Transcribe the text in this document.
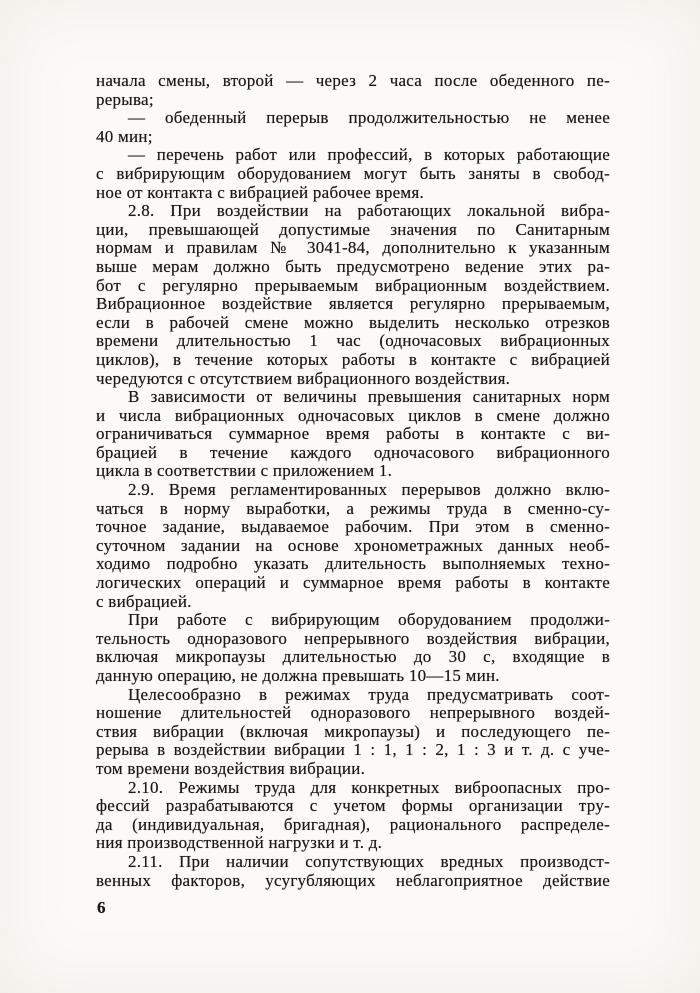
начала смены, второй — через 2 часа после обеденного пе-
рерыва;
— обеденный перерыв продолжительностью не менее
40 мин;
— перечень работ или профессий, в которых работающие
с вибрирующим оборудованием могут быть заняты в свобод-
ное от контакта с вибрацией рабочее время.
2.8. При воздействии на работающих локальной вибра-
ции, превышающей допустимые значения по Санитарным
нормам и правилам № 3041-84, дополнительно к указанным
выше мерам должно быть предусмотрено ведение этих ра-
бот с регулярно прерываемым вибрационным воздействием.
Вибрационное воздействие является регулярно прерываемым,
если в рабочей смене можно выделить несколько отрезков
времени длительностью 1 час (одночасовых вибрационных
циклов), в течение которых работы в контакте с вибрацией
чередуются с отсутствием вибрационного воздействия.
В зависимости от величины превышения санитарных норм
и числа вибрационных одночасовых циклов в смене должно
ограничиваться суммарное время работы в контакте с ви-
брацией в течение каждого одночасового вибрационного
цикла в соответствии с приложением 1.
2.9. Время регламентированных перерывов должно вклю-
чаться в норму выработки, а режимы труда в сменно-су-
точное задание, выдаваемое рабочим. При этом в сменно-
суточном задании на основе хронометражных данных необ-
ходимо подробно указать длительность выполняемых техно-
логических операций и суммарное время работы в контакте
с вибрацией.
При работе с вибрирующим оборудованием продолжи-
тельность одноразового непрерывного воздействия вибрации,
включая микропаузы длительностью до 30 с, входящие в
данную операцию, не должна превышать 10—15 мин.
Целесообразно в режимах труда предусматривать соот-
ношение длительностей одноразового непрерывного воздей-
ствия вибрации (включая микропаузы) и последующего пе-
рерыва в воздействии вибрации 1 : 1, 1 : 2, 1 : 3 и т. д. с уче-
том времени воздействия вибрации.
2.10. Режимы труда для конкретных виброопасных про-
фессий разрабатываются с учетом формы организации тру-
да (индивидуальная, бригадная), рационального распределе-
ния производственной нагрузки и т. д.
2.11. При наличии сопутствующих вредных производст-
венных факторов, усугубляющих неблагоприятное действие
6
